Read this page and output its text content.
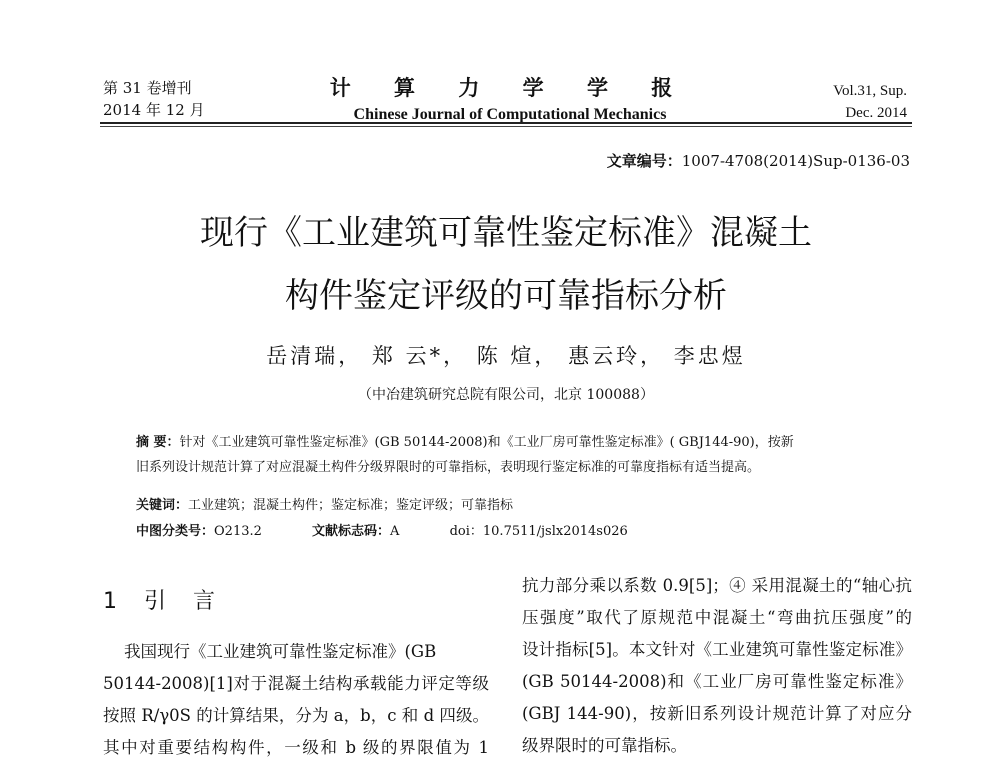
第 31 卷增刊
2014 年 12 月
计 算 力 学 学 报
Chinese Journal of Computational Mechanics
Vol.31, Sup.
Dec. 2014
文章编号：1007-4708(2014)Sup-0136-03
现行《工业建筑可靠性鉴定标准》混凝土
构件鉴定评级的可靠指标分析
岳清瑞， 郑 云*， 陈 煊， 惠云玲， 李忠煜
（中冶建筑研究总院有限公司，北京 100088）
摘 要：针对《工业建筑可靠性鉴定标准》(GB 50144-2008)和《工业厂房可靠性鉴定标准》( GBJ144-90)，按新
旧系列设计规范计算了对应混凝土构件分级界限时的可靠指标，表明现行鉴定标准的可靠度指标有适当提高。
关键词：工业建筑；混凝土构件；鉴定标准；鉴定评级；可靠指标
中图分类号：O213.2	文献标志码：A	doi：10.7511/jslx2014s026
1 引 言
我国现行《工业建筑可靠性鉴定标准》(GB
50144-2008)[1]对于混凝土结构承载能力评定等级
按照 R/γ0S 的计算结果，分为 a，b，c 和 d 四级。
其中对重要结构构件，一级和 b 级的界限值为 1
抗力部分乘以系数 0.9[5]；④ 采用混凝土的“轴心抗
压强度”取代了原规范中混凝土“弯曲抗压强度”的
设计指标[5]。本文针对《工业建筑可靠性鉴定标准》
(GB 50144-2008)和《工业厂房可靠性鉴定标准》
(GBJ 144-90)，按新旧系列设计规范计算了对应分
级界限时的可靠指标。
